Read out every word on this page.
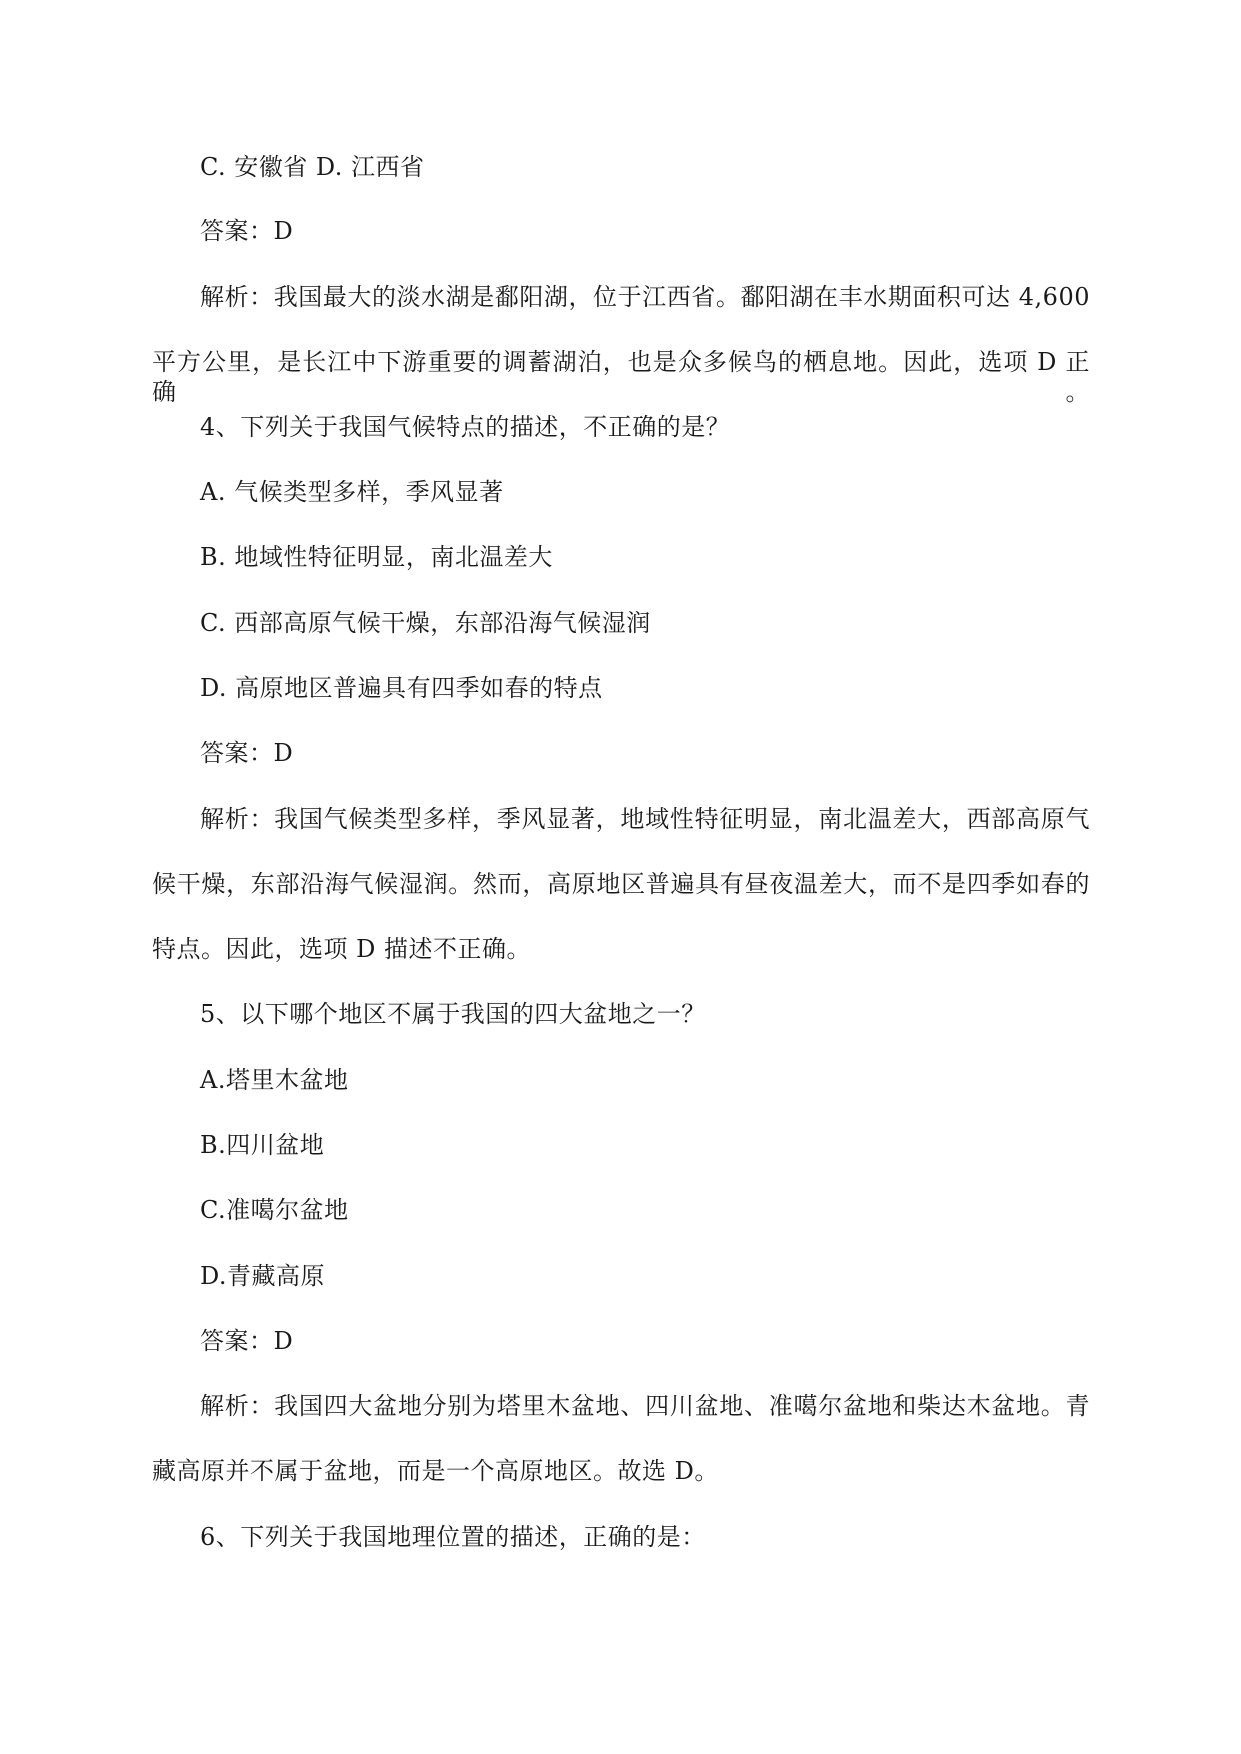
C. 安徽省 D. 江西省
答案：D
解析：我国最大的淡水湖是鄱阳湖，位于江西省。鄱阳湖在丰水期面积可达 4,600
平方公里，是长江中下游重要的调蓄湖泊，也是众多候鸟的栖息地。因此，选项 D 正确。
4、下列关于我国气候特点的描述，不正确的是？
A. 气候类型多样，季风显著
B. 地域性特征明显，南北温差大
C. 西部高原气候干燥，东部沿海气候湿润
D. 高原地区普遍具有四季如春的特点
答案：D
解析：我国气候类型多样，季风显著，地域性特征明显，南北温差大，西部高原气
候干燥，东部沿海气候湿润。然而，高原地区普遍具有昼夜温差大，而不是四季如春的
特点。因此，选项 D 描述不正确。
5、以下哪个地区不属于我国的四大盆地之一？
A.塔里木盆地
B.四川盆地
C.准噶尔盆地
D.青藏高原
答案：D
解析：我国四大盆地分别为塔里木盆地、四川盆地、准噶尔盆地和柴达木盆地。青
藏高原并不属于盆地，而是一个高原地区。故选 D。
6、下列关于我国地理位置的描述，正确的是：
